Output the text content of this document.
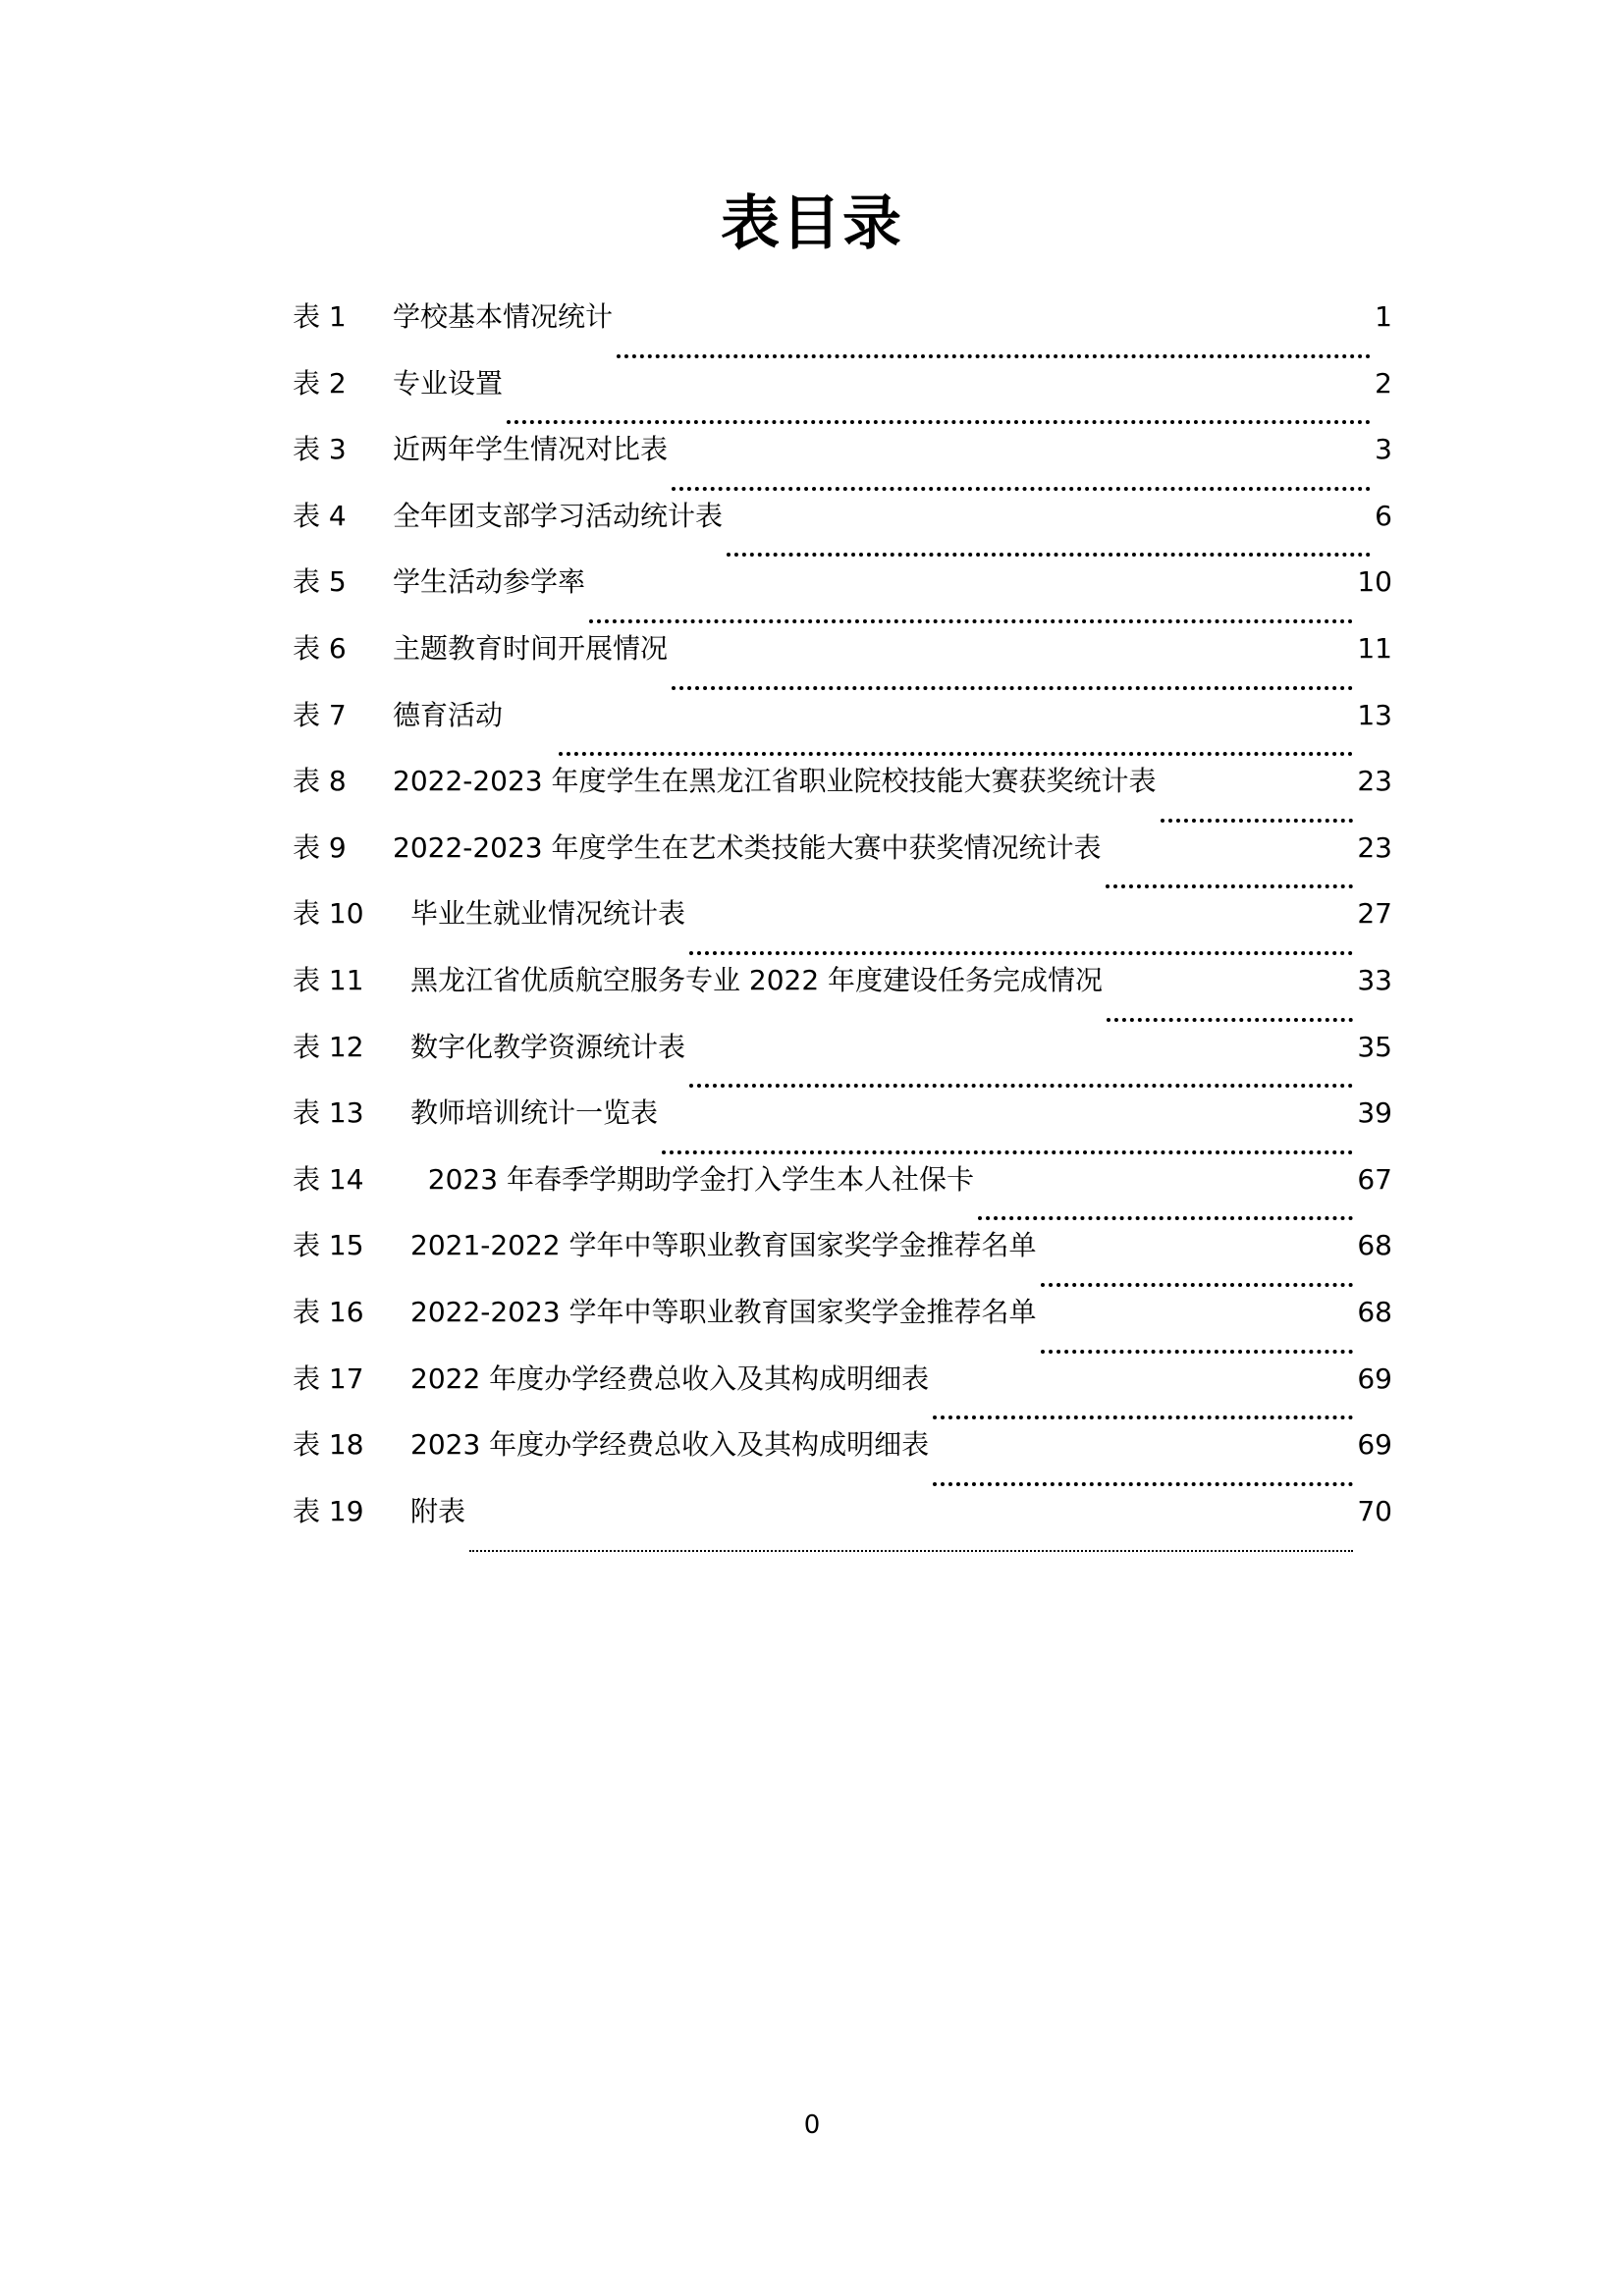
表目录
表 1	学校基本情况统计	1
表 2	专业设置	2
表 3	近两年学生情况对比表	3
表 4	全年团支部学习活动统计表	6
表 5	学生活动参学率	10
表 6	主题教育时间开展情况	11
表 7	德育活动	13
表 8	2022-2023 年度学生在黑龙江省职业院校技能大赛获奖统计表	23
表 9	2022-2023 年度学生在艺术类技能大赛中获奖情况统计表	23
表 10	毕业生就业情况统计表	27
表 11	黑龙江省优质航空服务专业 2022 年度建设任务完成情况	33
表 12	数字化教学资源统计表	35
表 13	教师培训统计一览表	39
表 14	2023 年春季学期助学金打入学生本人社保卡	67
表 15	2021-2022 学年中等职业教育国家奖学金推荐名单	68
表 16	2022-2023 学年中等职业教育国家奖学金推荐名单	68
表 17	2022 年度办学经费总收入及其构成明细表	69
表 18	2023 年度办学经费总收入及其构成明细表	69
表 19	附表	70
0
